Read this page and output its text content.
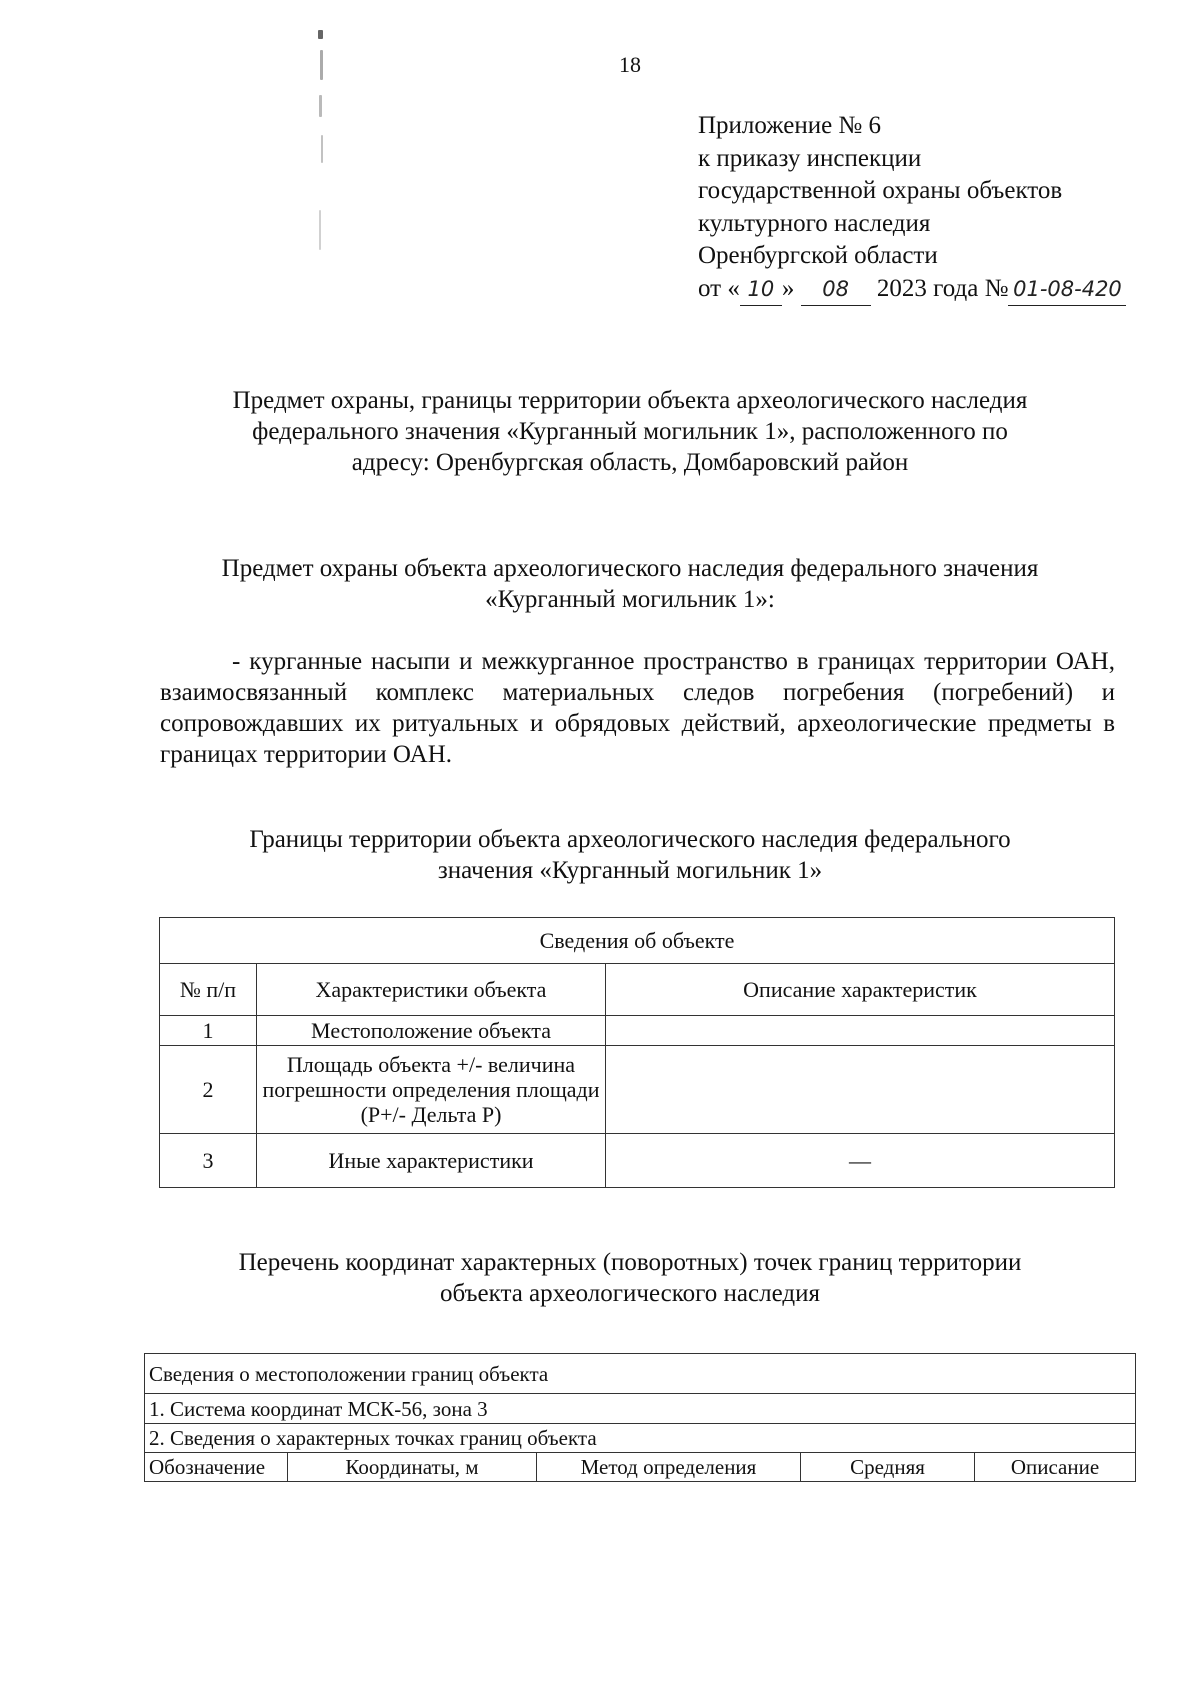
18
Приложение № 6
к приказу инспекции
государственной охраны объектов
культурного наследия
Оренбургской области
от « 10 » 08 2023 года № 01-08-420
Предмет охраны, границы территории объекта археологического наследия
федерального значения «Курганный могильник 1», расположенного по
адресу: Оренбургская область, Домбаровский район
Предмет охраны объекта археологического наследия федерального значения
«Курганный могильник 1»:
- курганные насыпи и межкурганное пространство в границах территории ОАН, взаимосвязанный комплекс материальных следов погребения (погребений) и сопровождавших их ритуальных и обрядовых действий, археологические предметы в границах территории ОАН.
Границы территории объекта археологического наследия федерального
значения «Курганный могильник 1»
Сведения об объекте		
№ п/п	Характеристики объекта	Описание характеристик
1	Местоположение объекта	
2	Площадь объекта +/- величина погрешности определения площади (P+/- Дельта P)	
3	Иные характеристики	—
Перечень координат характерных (поворотных) точек границ территории
объекта археологического наследия
Сведения о местоположении границ объекта
1. Система координат МСК-56, зона 3
2. Сведения о характерных точках границ объекта
Обозначение	Координаты, м	Метод определения	Средняя	Описание
